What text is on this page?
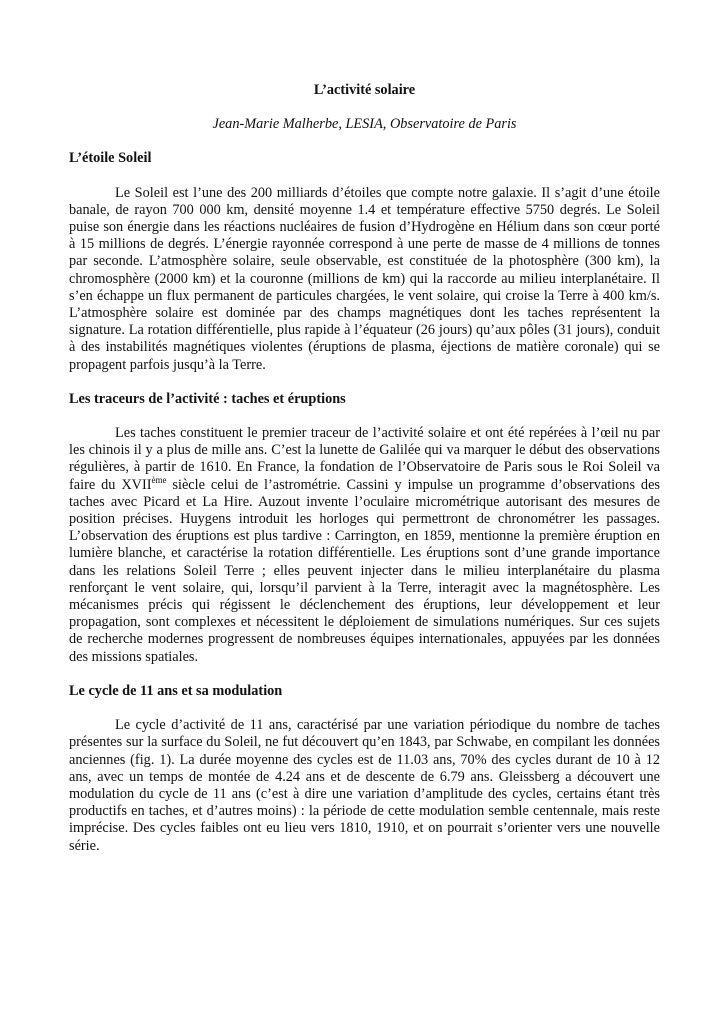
L’activité solaire

Jean-Marie Malherbe, LESIA, Observatoire de Paris

L’étoile Soleil

Le Soleil est l’une des 200 milliards d’étoiles que compte notre galaxie. Il s’agit d’une étoile banale, de rayon 700 000 km, densité moyenne 1.4 et température effective 5750 degrés. Le Soleil puise son énergie dans les réactions nucléaires de fusion d’Hydrogène en Hélium dans son cœur porté à 15 millions de degrés. L’énergie rayonnée correspond à une perte de masse de 4 millions de tonnes par seconde. L’atmosphère solaire, seule observable, est constituée de la photosphère (300 km), la chromosphère (2000 km) et la couronne (millions de km) qui la raccorde au milieu interplanétaire. Il s’en échappe un flux permanent de particules chargées, le vent solaire, qui croise la Terre à 400 km/s. L’atmosphère solaire est dominée par des champs magnétiques dont les taches représentent la signature. La rotation différentielle, plus rapide à l’équateur (26 jours) qu’aux pôles (31 jours), conduit à des instabilités magnétiques violentes (éruptions de plasma, éjections de matière coronale) qui se propagent parfois jusqu’à la Terre.

Les traceurs de l’activité : taches et éruptions

Les taches constituent le premier traceur de l’activité solaire et ont été repérées à l’œil nu par les chinois il y a plus de mille ans. C’est la lunette de Galilée qui va marquer le début des observations régulières, à partir de 1610. En France, la fondation de l’Observatoire de Paris sous le Roi Soleil va faire du XVIIème siècle celui de l’astrométrie. Cassini y impulse un programme d’observations des taches avec Picard et La Hire. Auzout invente l’oculaire micrométrique autorisant des mesures de position précises. Huygens introduit les horloges qui permettront de chronométrer les passages. L’observation des éruptions est plus tardive : Carrington, en 1859, mentionne la première éruption en lumière blanche, et caractérise la rotation différentielle. Les éruptions sont d’une grande importance dans les relations Soleil Terre ; elles peuvent injecter dans le milieu interplanétaire du plasma renforçant le vent solaire, qui, lorsqu’il parvient à la Terre, interagit avec la magnétosphère. Les mécanismes précis qui régissent le déclenchement des éruptions, leur développement et leur propagation, sont complexes et nécessitent le déploiement de simulations numériques. Sur ces sujets de recherche modernes progressent de nombreuses équipes internationales, appuyées par les données des missions spatiales.

Le cycle de 11 ans et sa modulation

Le cycle d’activité de 11 ans, caractérisé par une variation périodique du nombre de taches présentes sur la surface du Soleil, ne fut découvert qu’en 1843, par Schwabe, en compilant les données anciennes (fig. 1). La durée moyenne des cycles est de 11.03 ans, 70% des cycles durant de 10 à 12 ans, avec un temps de montée de 4.24 ans et de descente de 6.79 ans. Gleissberg a découvert une modulation du cycle de 11 ans (c’est à dire une variation d’amplitude des cycles, certains étant très productifs en taches, et d’autres moins) : la période de cette modulation semble centennale, mais reste imprécise. Des cycles faibles ont eu lieu vers 1810, 1910, et on pourrait s’orienter vers une nouvelle série.
